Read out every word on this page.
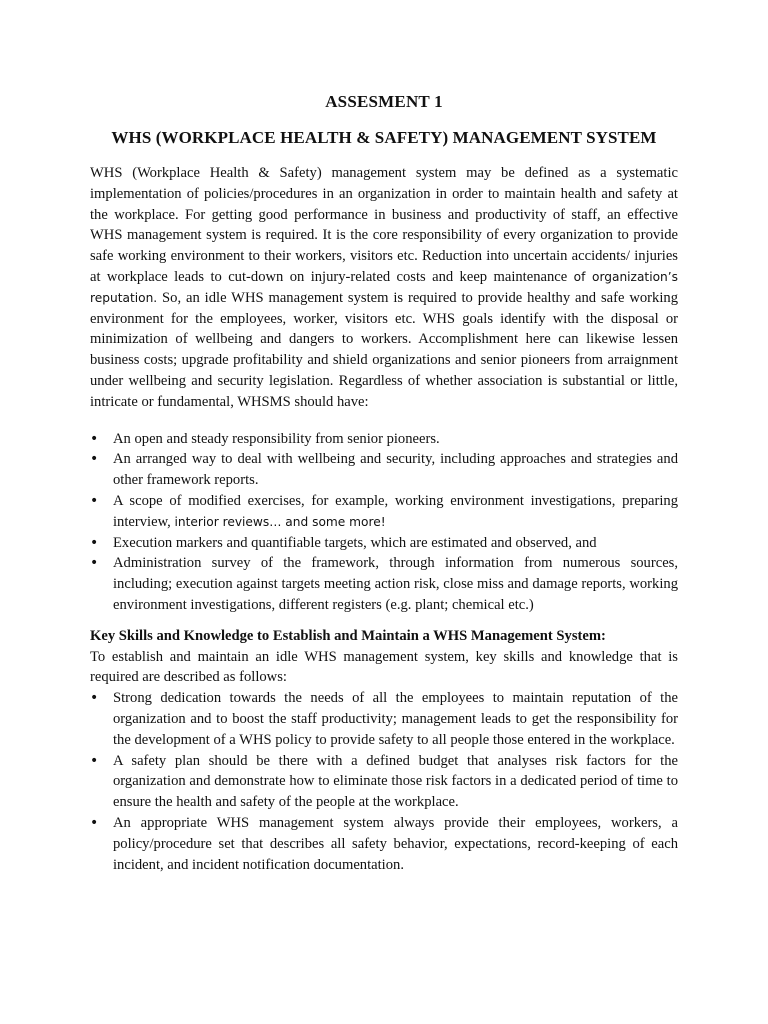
ASSESMENT 1
WHS (WORKPLACE HEALTH & SAFETY) MANAGEMENT SYSTEM

WHS (Workplace Health & Safety) management system may be defined as a systematic implementation of policies/procedures in an organization in order to maintain health and safety at the workplace. For getting good performance in business and productivity of staff, an effective WHS management system is required. It is the core responsibility of every organization to provide safe working environment to their workers, visitors etc. Reduction into uncertain accidents/ injuries at workplace leads to cut-down on injury-related costs and keep maintenance of organization’s reputation. So, an idle WHS management system is required to provide healthy and safe working environment for the employees, worker, visitors etc. WHS goals identify with the disposal or minimization of wellbeing and dangers to workers. Accomplishment here can likewise lessen business costs; upgrade profitability and shield organizations and senior pioneers from arraignment under wellbeing and security legislation. Regardless of whether association is substantial or little, intricate or fundamental, WHSMS should have:

• An open and steady responsibility from senior pioneers.
• An arranged way to deal with wellbeing and security, including approaches and strategies and other framework reports.
• A scope of modified exercises, for example, working environment investigations, preparing interview, interior reviews… and some more!
• Execution markers and quantifiable targets, which are estimated and observed, and
• Administration survey of the framework, through information from numerous sources, including; execution against targets meeting action risk, close miss and damage reports, working environment investigations, different registers (e.g. plant; chemical etc.)

Key Skills and Knowledge to Establish and Maintain a WHS Management System:

To establish and maintain an idle WHS management system, key skills and knowledge that is required are described as follows:

• Strong dedication towards the needs of all the employees to maintain reputation of the organization and to boost the staff productivity; management leads to get the responsibility for the development of a WHS policy to provide safety to all people those entered in the workplace.
• A safety plan should be there with a defined budget that analyses risk factors for the organization and demonstrate how to eliminate those risk factors in a dedicated period of time to ensure the health and safety of the people at the workplace.
• An appropriate WHS management system always provide their employees, workers, a policy/procedure set that describes all safety behavior, expectations, record-keeping of each incident, and incident notification documentation.
